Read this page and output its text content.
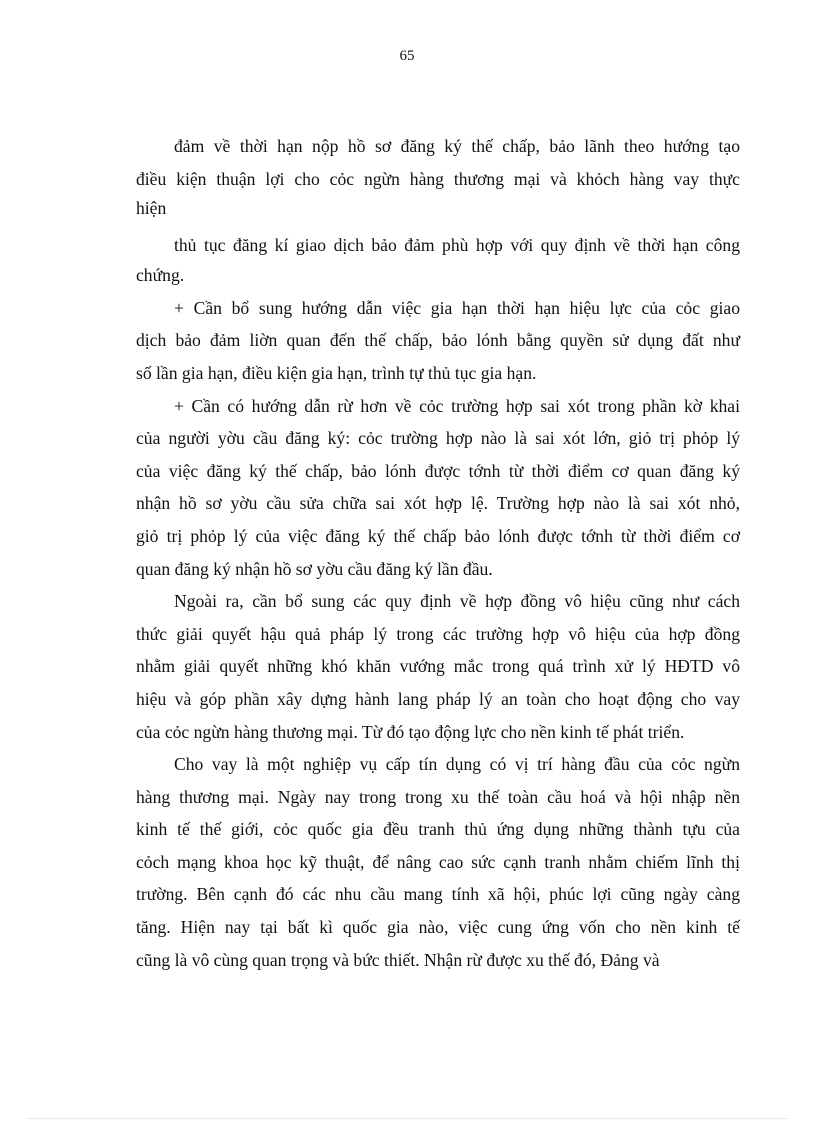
65
đảm về thời hạn nộp hồ sơ đăng ký thế chấp, bảo lãnh theo hướng tạo
điều kiện thuận lợi cho cỏc ngừn hàng thương mại và khỏch hàng vay thực
hiện
thủ tục đăng kí giao dịch bảo đảm phù hợp với quy định về thời hạn công
chứng.
+ Cần bổ sung hướng dẫn việc gia hạn thời hạn hiệu lực của cỏc giao
dịch bảo đảm liờn quan đến thế chấp, bảo lónh bằng quyền sử dụng đất như
số lần gia hạn, điều kiện gia hạn, trình tự thủ tục gia hạn.
+ Cần có hướng dẫn rừ hơn về cỏc trường hợp sai xót trong phần kờ khai
của người yờu cầu đăng ký: cỏc trường hợp nào là sai xót lớn, giỏ trị phỏp lý
của việc đăng ký thế chấp, bảo lónh được tớnh từ thời điểm cơ quan đăng ký
nhận hồ sơ yờu cầu sửa chữa sai xót hợp lệ. Trường hợp nào là sai xót nhỏ,
giỏ trị phỏp lý của việc đăng ký thế chấp bảo lónh được tớnh từ thời điểm cơ
quan đăng ký nhận hồ sơ yờu cầu đăng ký lần đầu.
Ngoài ra, cần bổ sung các quy định về hợp đồng vô hiệu cũng như cách
thức giải quyết hậu quả pháp lý trong các trường hợp vô hiệu của hợp đồng
nhằm giải quyết những khó khăn vướng mắc trong quá trình xử lý HĐTD vô
hiệu và góp phần xây dựng hành lang pháp lý an toàn cho hoạt động cho vay
của cỏc ngừn hàng thương mại. Từ đó tạo động lực cho nền kinh tế phát triển.
Cho vay là một nghiệp vụ cấp tín dụng có vị trí hàng đầu của cỏc ngừn
hàng thương mại. Ngày nay trong trong xu thế toàn cầu hoá và hội nhập nền
kinh tế thế giới, cỏc quốc gia đều tranh thủ ứng dụng những thành tựu của
cỏch mạng khoa học kỹ thuật, để nâng cao sức cạnh tranh nhằm chiếm lĩnh thị
trường. Bên cạnh đó các nhu cầu mang tính xã hội, phúc lợi cũng ngày càng
tăng. Hiện nay tại bất kì quốc gia nào, việc cung ứng vốn cho nền kinh tế
cũng là vô cùng quan trọng và bức thiết. Nhận rừ được xu thế đó, Đảng và
